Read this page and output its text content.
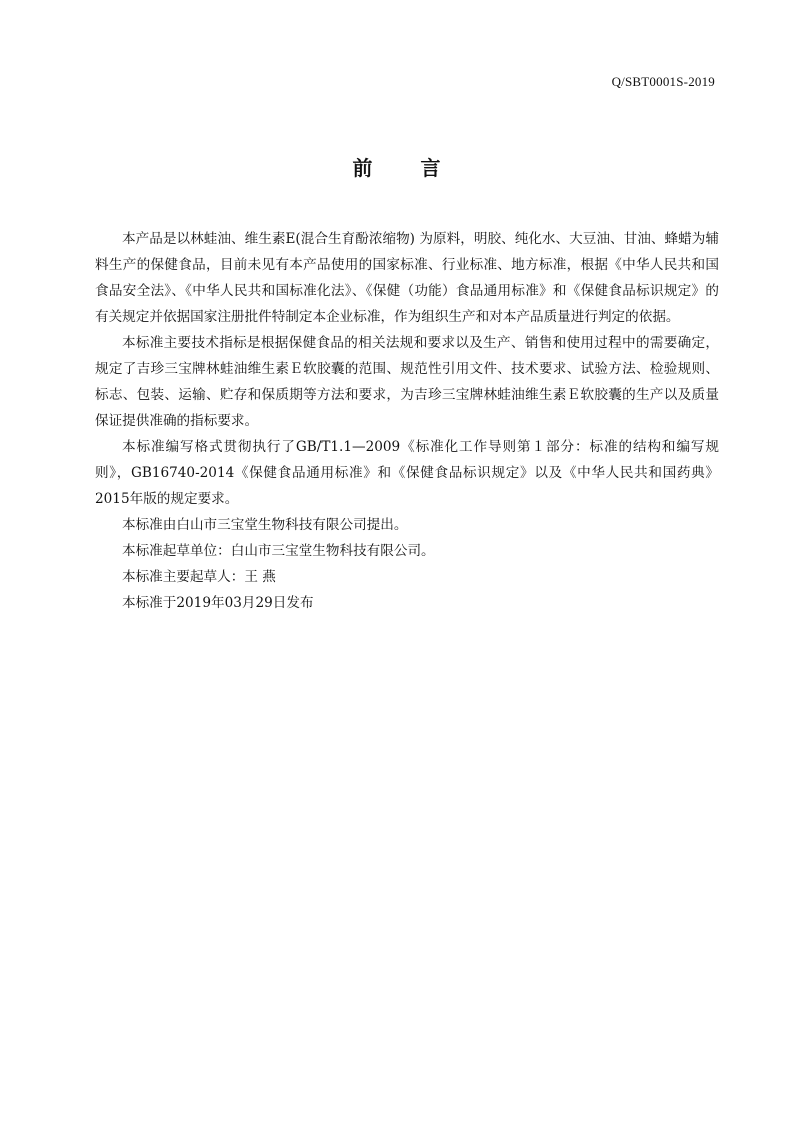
Q/SBT0001S-2019
前 言

本产品是以林蛙油、维生素E(混合生育酚浓缩物) 为原料，明胶、纯化水、大豆油、甘油、蜂蜡为辅料生产的保健食品，目前未见有本产品使用的国家标准、行业标准、地方标准，根据《中华人民共和国食品安全法》、《中华人民共和国标准化法》、《保健（功能）食品通用标准》和《保健食品标识规定》的有关规定并依据国家注册批件特制定本企业标准，作为组织生产和对本产品质量进行判定的依据。

本标准主要技术指标是根据保健食品的相关法规和要求以及生产、销售和使用过程中的需要确定，规定了吉珍三宝牌林蛙油维生素Ｅ软胶囊的范围、规范性引用文件、技术要求、试验方法、检验规则、标志、包装、运输、贮存和保质期等方法和要求，为吉珍三宝牌林蛙油维生素Ｅ软胶囊的生产以及质量保证提供准确的指标要求。

本标准编写格式贯彻执行了GB/T1.1—2009《标准化工作导则第１部分：标准的结构和编写规则》，GB16740-2014《保健食品通用标准》和《保健食品标识规定》以及《中华人民共和国药典》2015年版的规定要求。

本标准由白山市三宝堂生物科技有限公司提出。

本标准起草单位：白山市三宝堂生物科技有限公司。

本标准主要起草人：王 燕

本标准于2019年03月29日发布
